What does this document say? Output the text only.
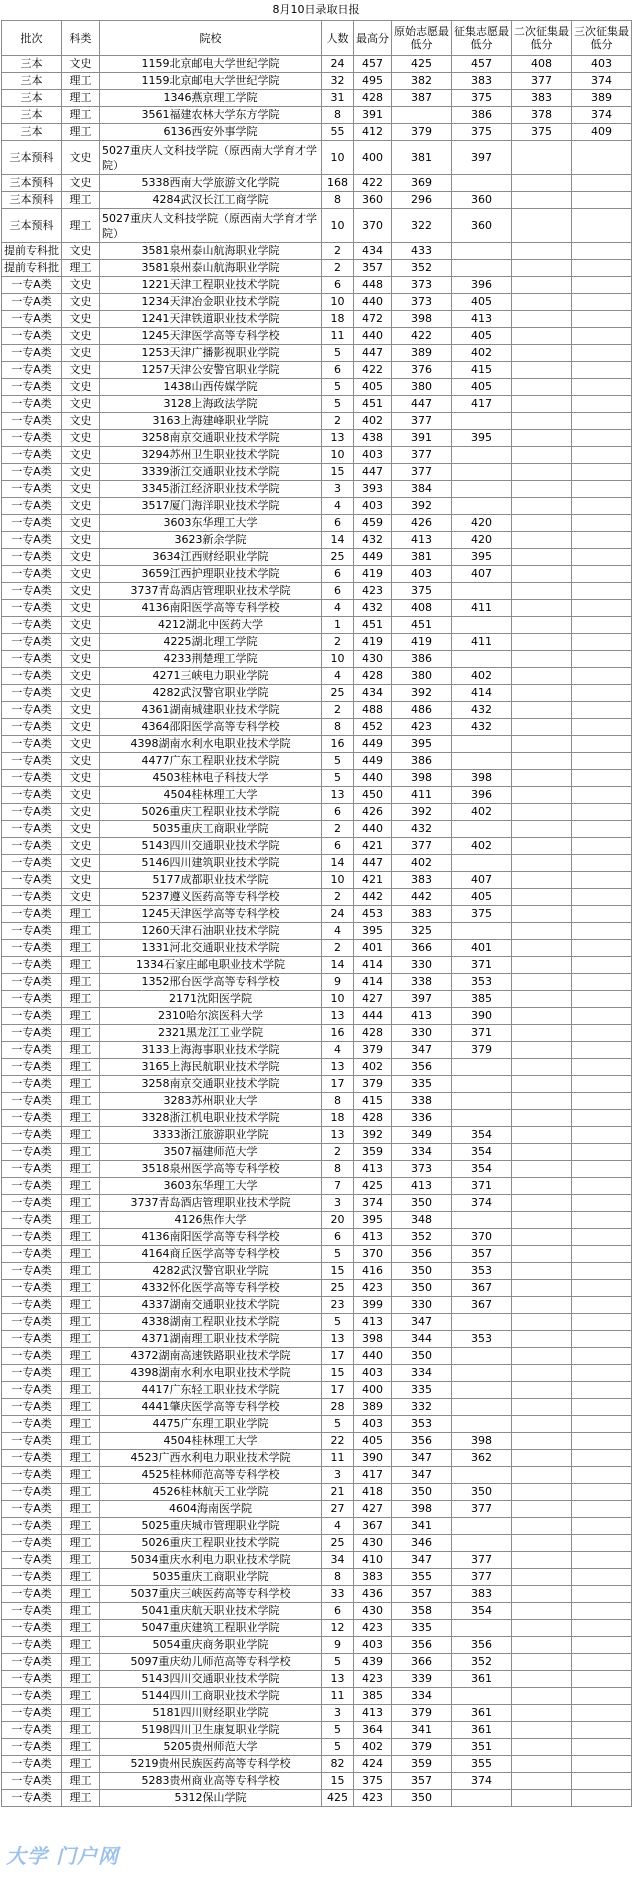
8月10日录取日报
批次	科类	院校	人数	最高分	原始志愿最低分	征集志愿最低分	二次征集最低分	三次征集最低分
三本	文史	1159北京邮电大学世纪学院	24	457	425	457	408	403
三本	理工	1159北京邮电大学世纪学院	32	495	382	383	377	374
三本	理工	1346燕京理工学院	31	428	387	375	383	389
三本	理工	3561福建农林大学东方学院	8	391		386	378	374
三本	理工	6136西安外事学院	55	412	379	375	375	409
三本预科	文史	5027重庆人文科技学院（原西南大学育才学院）	10	400	381	397		
三本预科	文史	5338西南大学旅游文化学院	168	422	369			
三本预科	理工	4284武汉长江工商学院	8	360	296	360		
三本预科	理工	5027重庆人文科技学院（原西南大学育才学院）	10	370	322	360		
提前专科批	文史	3581泉州泰山航海职业学院	2	434	433			
提前专科批	理工	3581泉州泰山航海职业学院	2	357	352			
一专A类	文史	1221天津工程职业技术学院	6	448	373	396		
一专A类	文史	1234天津冶金职业技术学院	10	440	373	405		
一专A类	文史	1241天津铁道职业技术学院	18	472	398	413		
一专A类	文史	1245天津医学高等专科学校	11	440	422	405		
一专A类	文史	1253天津广播影视职业学院	5	447	389	402		
一专A类	文史	1257天津公安警官职业学院	6	422	376	415		
一专A类	文史	1438山西传媒学院	5	405	380	405		
一专A类	文史	3128上海政法学院	5	451	447	417		
一专A类	文史	3163上海建峰职业学院	2	402	377			
一专A类	文史	3258南京交通职业技术学院	13	438	391	395		
一专A类	文史	3294苏州卫生职业技术学院	10	403	377			
一专A类	文史	3339浙江交通职业技术学院	15	447	377			
一专A类	文史	3345浙江经济职业技术学院	3	393	384			
一专A类	文史	3517厦门海洋职业技术学院	4	403	392			
一专A类	文史	3603东华理工大学	6	459	426	420		
一专A类	文史	3623新余学院	14	432	413	420		
一专A类	文史	3634江西财经职业学院	25	449	381	395		
一专A类	文史	3659江西护理职业技术学院	6	419	403	407		
一专A类	文史	3737青岛酒店管理职业技术学院	6	423	375			
一专A类	文史	4136南阳医学高等专科学校	4	432	408	411		
一专A类	文史	4212湖北中医药大学	1	451	451			
一专A类	文史	4225湖北理工学院	2	419	419	411		
一专A类	文史	4233荆楚理工学院	10	430	386			
一专A类	文史	4271三峡电力职业学院	4	428	380	402		
一专A类	文史	4282武汉警官职业学院	25	434	392	414		
一专A类	文史	4361湖南城建职业技术学院	2	488	486	432		
一专A类	文史	4364邵阳医学高等专科学校	8	452	423	432		
一专A类	文史	4398湖南水利水电职业技术学院	16	449	395			
一专A类	文史	4477广东工程职业技术学院	5	449	386			
一专A类	文史	4503桂林电子科技大学	5	440	398	398		
一专A类	文史	4504桂林理工大学	13	450	411	396		
一专A类	文史	5026重庆工程职业技术学院	6	426	392	402		
一专A类	文史	5035重庆工商职业学院	2	440	432			
一专A类	文史	5143四川交通职业技术学院	6	421	377	402		
一专A类	文史	5146四川建筑职业技术学院	14	447	402			
一专A类	文史	5177成都职业技术学院	10	421	383	407		
一专A类	文史	5237遵义医药高等专科学校	2	442	442	405		
一专A类	理工	1245天津医学高等专科学校	24	453	383	375		
一专A类	理工	1260天津石油职业技术学院	4	395	325			
一专A类	理工	1331河北交通职业技术学院	2	401	366	401		
一专A类	理工	1334石家庄邮电职业技术学院	14	414	330	371		
一专A类	理工	1352邢台医学高等专科学校	9	414	338	353		
一专A类	理工	2171沈阳医学院	10	427	397	385		
一专A类	理工	2310哈尔滨医科大学	13	444	413	390		
一专A类	理工	2321黑龙江工业学院	16	428	330	371		
一专A类	理工	3133上海海事职业技术学院	4	379	347	379		
一专A类	理工	3165上海民航职业技术学院	13	402	356			
一专A类	理工	3258南京交通职业技术学院	17	379	335			
一专A类	理工	3283苏州职业大学	8	415	338			
一专A类	理工	3328浙江机电职业技术学院	18	428	336			
一专A类	理工	3333浙江旅游职业学院	13	392	349	354		
一专A类	理工	3507福建师范大学	2	359	334	354		
一专A类	理工	3518泉州医学高等专科学校	8	413	373	354		
一专A类	理工	3603东华理工大学	7	425	413	371		
一专A类	理工	3737青岛酒店管理职业技术学院	3	374	350	374		
一专A类	理工	4126焦作大学	20	395	348			
一专A类	理工	4136南阳医学高等专科学校	6	413	352	370		
一专A类	理工	4164商丘医学高等专科学校	5	370	356	357		
一专A类	理工	4282武汉警官职业学院	15	416	350	353		
一专A类	理工	4332怀化医学高等专科学校	25	423	350	367		
一专A类	理工	4337湖南交通职业技术学院	23	399	330	367		
一专A类	理工	4338湖南工程职业技术学院	5	413	347			
一专A类	理工	4371湖南理工职业技术学院	13	398	344	353		
一专A类	理工	4372湖南高速铁路职业技术学院	17	440	350			
一专A类	理工	4398湖南水利水电职业技术学院	15	403	334			
一专A类	理工	4417广东轻工职业技术学院	17	400	335			
一专A类	理工	4441肇庆医学高等专科学校	28	389	332			
一专A类	理工	4475广东理工职业学院	5	403	353			
一专A类	理工	4504桂林理工大学	22	405	356	398		
一专A类	理工	4523广西水利电力职业技术学院	11	390	347	362		
一专A类	理工	4525桂林师范高等专科学校	3	417	347			
一专A类	理工	4526桂林航天工业学院	21	418	350	350		
一专A类	理工	4604海南医学院	27	427	398	377		
一专A类	理工	5025重庆城市管理职业学院	4	367	341			
一专A类	理工	5026重庆工程职业技术学院	25	430	346			
一专A类	理工	5034重庆水利电力职业技术学院	34	410	347	377		
一专A类	理工	5035重庆工商职业学院	8	383	355	377		
一专A类	理工	5037重庆三峡医药高等专科学校	33	436	357	383		
一专A类	理工	5041重庆航天职业技术学院	6	430	358	354		
一专A类	理工	5047重庆建筑工程职业学院	12	423	335			
一专A类	理工	5054重庆商务职业学院	9	403	356	356		
一专A类	理工	5097重庆幼儿师范高等专科学校	5	439	366	352		
一专A类	理工	5143四川交通职业技术学院	13	423	339	361		
一专A类	理工	5144四川工商职业技术学院	11	385	334			
一专A类	理工	5181四川财经职业学院	3	413	379	361		
一专A类	理工	5198四川卫生康复职业学院	5	364	341	361		
一专A类	理工	5205贵州师范大学	5	402	379	351		
一专A类	理工	5219贵州民族医药高等专科学校	82	424	359	355		
一专A类	理工	5283贵州商业高等专科学校	15	375	357	374		
一专A类	理工	5312保山学院	425	423	350			
大学 门户网
